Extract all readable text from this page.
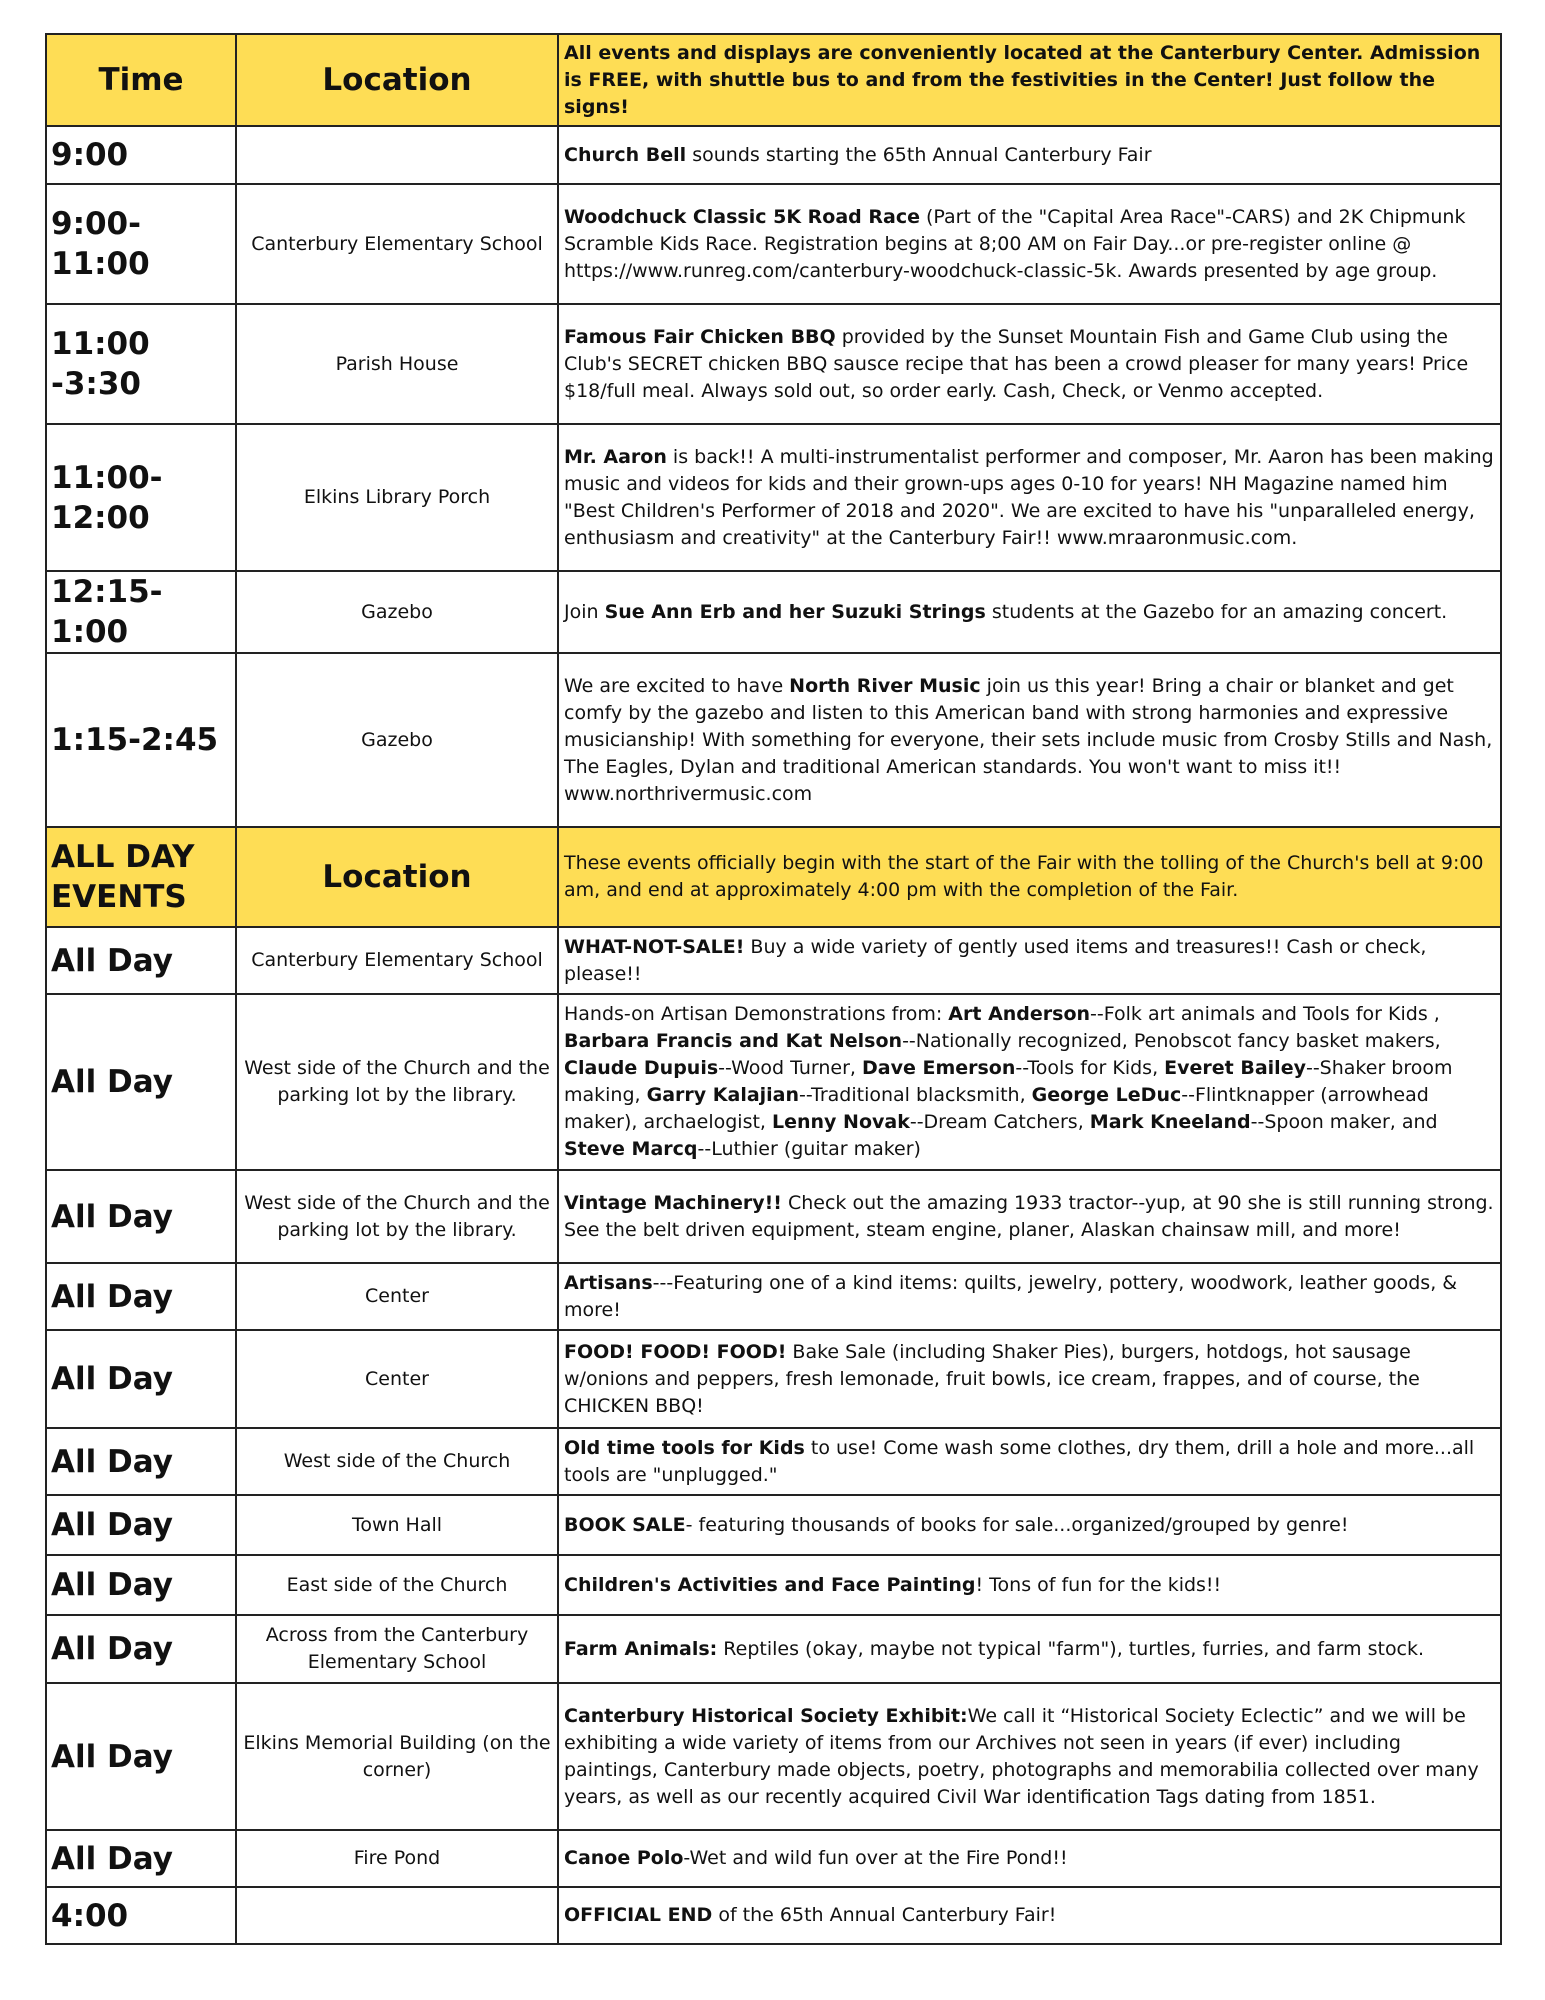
Time	Location	All events and displays are conveniently located at the Canterbury Center. Admission is FREE, with shuttle bus to and from the festivities in the Center! Just follow the signs!
9:00		Church Bell sounds starting the 65th Annual Canterbury Fair
9:00-11:00	Canterbury Elementary School	Woodchuck Classic 5K Road Race (Part of the "Capital Area Race"-CARS) and 2K Chipmunk Scramble Kids Race. Registration begins at 8;00 AM on Fair Day...or pre-register online @ https://www.runreg.com/canterbury-woodchuck-classic-5k. Awards presented by age group.
11:00 -3:30	Parish House	Famous Fair Chicken BBQ provided by the Sunset Mountain Fish and Game Club using the Club's SECRET chicken BBQ sausce recipe that has been a crowd pleaser for many years! Price $18/full meal. Always sold out, so order early. Cash, Check, or Venmo accepted.
11:00-12:00	Elkins Library Porch	Mr. Aaron is back!! A multi-instrumentalist performer and composer, Mr. Aaron has been making music and videos for kids and their grown-ups ages 0-10 for years! NH Magazine named him "Best Children's Performer of 2018 and 2020". We are excited to have his "unparalleled energy, enthusiasm and creativity" at the Canterbury Fair!! www.mraaronmusic.com.
12:15-1:00	Gazebo	Join Sue Ann Erb and her Suzuki Strings students at the Gazebo for an amazing concert.
1:15-2:45	Gazebo	We are excited to have North River Music join us this year! Bring a chair or blanket and get comfy by the gazebo and listen to this American band with strong harmonies and expressive musicianship! With something for everyone, their sets include music from Crosby Stills and Nash, The Eagles, Dylan and traditional American standards. You won't want to miss it!! www.northrivermusic.com
ALL DAY EVENTS	Location	These events officially begin with the start of the Fair with the tolling of the Church's bell at 9:00 am, and end at approximately 4:00 pm with the completion of the Fair.
All Day	Canterbury Elementary School	WHAT-NOT-SALE! Buy a wide variety of gently used items and treasures!! Cash or check, please!!
All Day	West side of the Church and the parking lot by the library.	Hands-on Artisan Demonstrations from: Art Anderson--Folk art animals and Tools for Kids , Barbara Francis and Kat Nelson--Nationally recognized, Penobscot fancy basket makers, Claude Dupuis--Wood Turner, Dave Emerson--Tools for Kids, Everet Bailey--Shaker broom making, Garry Kalajian--Traditional blacksmith, George LeDuc--Flintknapper (arrowhead maker), archaelogist, Lenny Novak--Dream Catchers, Mark Kneeland--Spoon maker, and Steve Marcq--Luthier (guitar maker)
All Day	West side of the Church and the parking lot by the library.	Vintage Machinery!! Check out the amazing 1933 tractor--yup, at 90 she is still running strong. See the belt driven equipment, steam engine, planer, Alaskan chainsaw mill, and more!
All Day	Center	Artisans---Featuring one of a kind items: quilts, jewelry, pottery, woodwork, leather goods, & more!
All Day	Center	FOOD! FOOD! FOOD! Bake Sale (including Shaker Pies), burgers, hotdogs, hot sausage w/onions and peppers, fresh lemonade, fruit bowls, ice cream, frappes, and of course, the CHICKEN BBQ!
All Day	West side of the Church	Old time tools for Kids to use! Come wash some clothes, dry them, drill a hole and more...all tools are "unplugged."
All Day	Town Hall	BOOK SALE- featuring thousands of books for sale...organized/grouped by genre!
All Day	East side of the Church	Children's Activities and Face Painting! Tons of fun for the kids!!
All Day	Across from the Canterbury Elementary School	Farm Animals: Reptiles (okay, maybe not typical "farm"), turtles, furries, and farm stock.
All Day	Elkins Memorial Building (on the corner)	Canterbury Historical Society Exhibit:We call it “Historical Society Eclectic” and we will be exhibiting a wide variety of items from our Archives not seen in years (if ever) including paintings, Canterbury made objects, poetry, photographs and memorabilia collected over many years, as well as our recently acquired Civil War identification Tags dating from 1851.
All Day	Fire Pond	Canoe Polo-Wet and wild fun over at the Fire Pond!!
4:00		OFFICIAL END of the 65th Annual Canterbury Fair!
